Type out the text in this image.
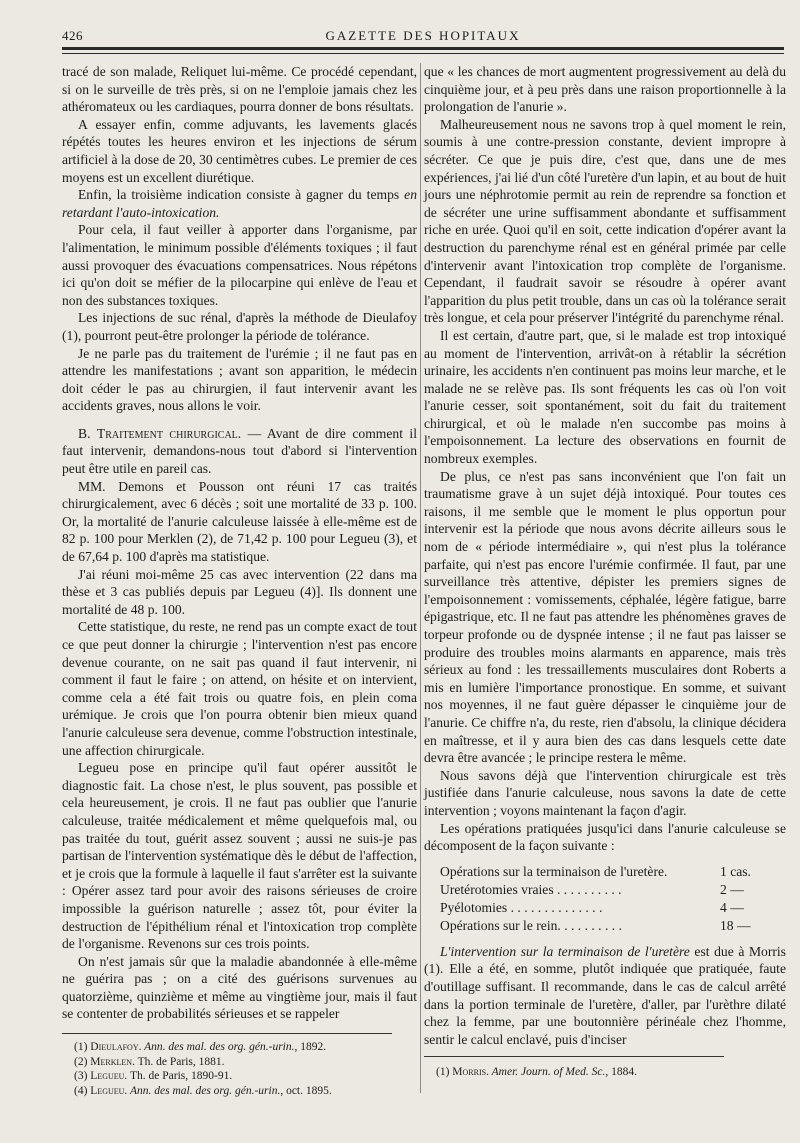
426	GAZETTE DES HOPITAUX

tracé de son malade, Reliquet lui-même. Ce procédé cependant, si on le surveille de très près, si on ne l'emploie jamais chez les athéromateux ou les cardiaques, pourra donner de bons résultats.

A essayer enfin, comme adjuvants, les lavements glacés répétés toutes les heures environ et les injections de sérum artificiel à la dose de 20, 30 centimètres cubes. Le premier de ces moyens est un excellent diurétique.

Enfin, la troisième indication consiste à gagner du temps en retardant l'auto-intoxication.

Pour cela, il faut veiller à apporter dans l'organisme, par l'alimentation, le minimum possible d'éléments toxiques ; il faut aussi provoquer des évacuations compensatrices. Nous répétons ici qu'on doit se méfier de la pilocarpine qui enlève de l'eau et non des substances toxiques.

Les injections de suc rénal, d'après la méthode de Dieulafoy (1), pourront peut-être prolonger la période de tolérance.

Je ne parle pas du traitement de l'urémie ; il ne faut pas en attendre les manifestations ; avant son apparition, le médecin doit céder le pas au chirurgien, il faut intervenir avant les accidents graves, nous allons le voir.

B. Traitement chirurgical. — Avant de dire comment il faut intervenir, demandons-nous tout d'abord si l'intervention peut être utile en pareil cas.

MM. Demons et Pousson ont réuni 17 cas traités chirurgicalement, avec 6 décès ; soit une mortalité de 33 p. 100. Or, la mortalité de l'anurie calculeuse laissée à elle-même est de 82 p. 100 pour Merklen (2), de 71,42 p. 100 pour Legueu (3), et de 67,64 p. 100 d'après ma statistique.

J'ai réuni moi-même 25 cas avec intervention (22 dans ma thèse et 3 cas publiés depuis par Legueu (4)]. Ils donnent une mortalité de 48 p. 100.

Cette statistique, du reste, ne rend pas un compte exact de tout ce que peut donner la chirurgie ; l'intervention n'est pas encore devenue courante, on ne sait pas quand il faut intervenir, ni comment il faut le faire ; on attend, on hésite et on intervient, comme cela a été fait trois ou quatre fois, en plein coma urémique. Je crois que l'on pourra obtenir bien mieux quand l'anurie calculeuse sera devenue, comme l'obstruction intestinale, une affection chirurgicale.

Legueu pose en principe qu'il faut opérer aussitôt le diagnostic fait. La chose n'est, le plus souvent, pas possible et cela heureusement, je crois. Il ne faut pas oublier que l'anurie calculeuse, traitée médicalement et même quelquefois mal, ou pas traitée du tout, guérit assez souvent ; aussi ne suis-je pas partisan de l'intervention systématique dès le début de l'affection, et je crois que la formule à laquelle il faut s'arrêter est la suivante : Opérer assez tard pour avoir des raisons sérieuses de croire impossible la guérison naturelle ; assez tôt, pour éviter la destruction de l'épithélium rénal et l'intoxication trop complète de l'organisme. Revenons sur ces trois points.

On n'est jamais sûr que la maladie abandonnée à elle-même ne guérira pas ; on a cité des guérisons survenues au quatorzième, quinzième et même au vingtième jour, mais il faut se contenter de probabilités sérieuses et se rappeler

(1) Dieulafoy. Ann. des mal. des org. gén.-urin., 1892.

(2) Merklen. Th. de Paris, 1881.

(3) Legueu. Th. de Paris, 1890-91.

(4) Legueu. Ann. des mal. des org. gén.-urin., oct. 1895.

que « les chances de mort augmentent progressivement au delà du cinquième jour, et à peu près dans une raison proportionnelle à la prolongation de l'anurie ».

Malheureusement nous ne savons trop à quel moment le rein, soumis à une contre-pression constante, devient impropre à sécréter. Ce que je puis dire, c'est que, dans une de mes expériences, j'ai lié d'un côté l'uretère d'un lapin, et au bout de huit jours une néphrotomie permit au rein de reprendre sa fonction et de sécréter une urine suffisamment abondante et suffisamment riche en urée. Quoi qu'il en soit, cette indication d'opérer avant la destruction du parenchyme rénal est en général primée par celle d'intervenir avant l'intoxication trop complète de l'organisme. Cependant, il faudrait savoir se résoudre à opérer avant l'apparition du plus petit trouble, dans un cas où la tolérance serait très longue, et cela pour préserver l'intégrité du parenchyme rénal.

Il est certain, d'autre part, que, si le malade est trop intoxiqué au moment de l'intervention, arrivât-on à rétablir la sécrétion urinaire, les accidents n'en continuent pas moins leur marche, et le malade ne se relève pas. Ils sont fréquents les cas où l'on voit l'anurie cesser, soit spontanément, soit du fait du traitement chirurgical, et où le malade n'en succombe pas moins à l'empoisonnement. La lecture des observations en fournit de nombreux exemples.

De plus, ce n'est pas sans inconvénient que l'on fait un traumatisme grave à un sujet déjà intoxiqué. Pour toutes ces raisons, il me semble que le moment le plus opportun pour intervenir est la période que nous avons décrite ailleurs sous le nom de « période intermédiaire », qui n'est plus la tolérance parfaite, qui n'est pas encore l'urémie confirmée. Il faut, par une surveillance très attentive, dépister les premiers signes de l'empoisonnement : vomissements, céphalée, légère fatigue, barre épigastrique, etc. Il ne faut pas attendre les phénomènes graves de torpeur profonde ou de dyspnée intense ; il ne faut pas laisser se produire des troubles moins alarmants en apparence, mais très sérieux au fond : les tressaillements musculaires dont Roberts a mis en lumière l'importance pronostique. En somme, et suivant nos moyennes, il ne faut guère dépasser le cinquième jour de l'anurie. Ce chiffre n'a, du reste, rien d'absolu, la clinique décidera en maîtresse, et il y aura bien des cas dans lesquels cette date devra être avancée ; le principe restera le même.

Nous savons déjà que l'intervention chirurgicale est très justifiée dans l'anurie calculeuse, nous savons la date de cette intervention ; voyons maintenant la façon d'agir.

Les opérations pratiquées jusqu'ici dans l'anurie calculeuse se décomposent de la façon suivante :

Opérations sur la terminaison de l'uretère.	1 cas.
Uretérotomies vraies . . . . . . . . . .	2 —
Pyélotomies . . . . . . . . . . . . . .	4 —
Opérations sur le rein. . . . . . . . . .	18 —

L'intervention sur la terminaison de l'uretère est due à Morris (1). Elle a été, en somme, plutôt indiquée que pratiquée, faute d'outillage suffisant. Il recommande, dans le cas de calcul arrêté dans la portion terminale de l'uretère, d'aller, par l'urèthre dilaté chez la femme, par une boutonnière périnéale chez l'homme, sentir le calcul enclavé, puis d'inciser

(1) Morris. Amer. Journ. of Med. Sc., 1884.
